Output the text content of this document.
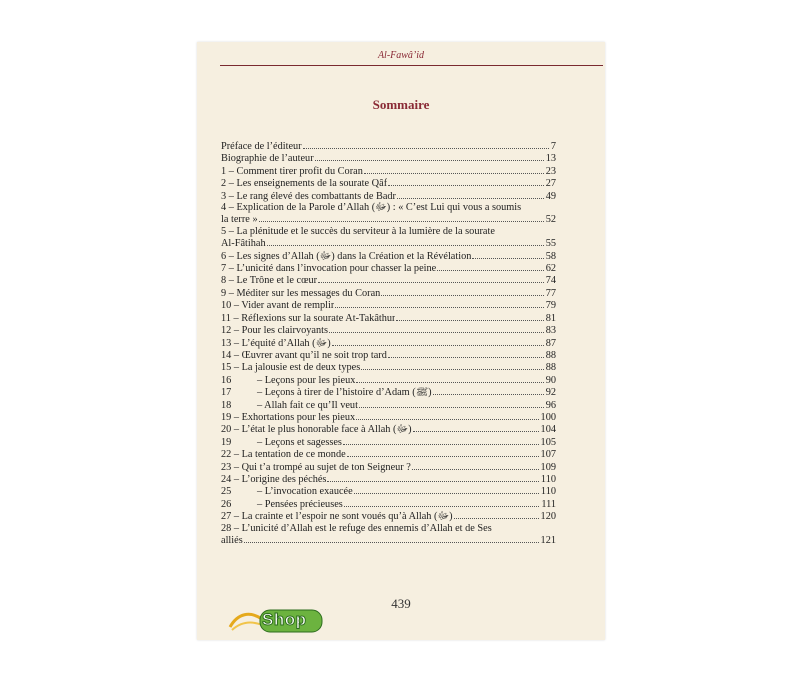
Al-Fawâ’id
Sommaire
Préface de l’éditeur	7
Biographie de l’auteur	13
1 – Comment tirer profit du Coran	23
2 – Les enseignements de la sourate Qâf	27
3 – Le rang élevé des combattants de Badr	49
4 – Explication de la Parole d’Allah (ﷻ) : « C’est Lui qui vous a soumis
la terre »	52
5 – La plénitude et le succès du serviteur à la lumière de la sourate
Al-Fâtihah	55
6 – Les signes d’Allah (ﷻ) dans la Création et la Révélation	58
7 – L’unicité dans l’invocation pour chasser la peine	62
8 – Le Trône et le cœur	74
9 – Méditer sur les messages du Coran	77
10 – Vider avant de remplir	79
11 – Réflexions sur la sourate At-Takâthur	81
12 – Pour les clairvoyants	83
13 – L’équité d’Allah (ﷻ)	87
14 – Œuvrer avant qu’il ne soit trop tard	88
15 – La jalousie est de deux types	88
16 – Leçons pour les pieux	90
17 – Leçons à tirer de l’histoire d’Adam (ﷺ)	92
18 – Allah fait ce qu’Il veut	96
19 – Exhortations pour les pieux	100
20 – L’état le plus honorable face à Allah (ﷻ)	104
19 – Leçons et sagesses	105
22 – La tentation de ce monde	107
23 – Qui t’a trompé au sujet de ton Seigneur ?	109
24 – L’origine des péchés	110
25 – L’invocation exaucée	110
26 – Pensées précieuses	111
27 – La crainte et l’espoir ne sont voués qu’à Allah (ﷻ)	120
28 – L’unicité d’Allah est le refuge des ennemis d’Allah et de Ses
alliés	121
439
Shop
